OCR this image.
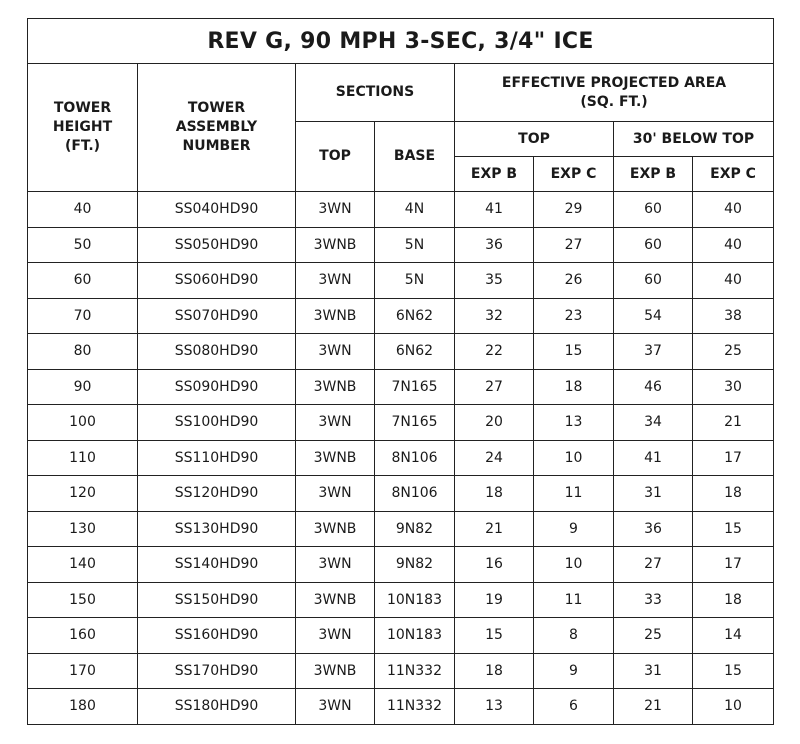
REV G, 90 MPH 3-SEC, 3/4" ICE							
TOWER
HEIGHT
(FT.)	TOWER
ASSEMBLY
NUMBER	SECTIONS		EFFECTIVE PROJECTED AREA
(SQ. FT.)			
		TOP	BASE	TOP		30' BELOW TOP	
				EXP B	EXP C	EXP B	EXP C
40	SS040HD90	3WN	4N	41	29	60	40
50	SS050HD90	3WNB	5N	36	27	60	40
60	SS060HD90	3WN	5N	35	26	60	40
70	SS070HD90	3WNB	6N62	32	23	54	38
80	SS080HD90	3WN	6N62	22	15	37	25
90	SS090HD90	3WNB	7N165	27	18	46	30
100	SS100HD90	3WN	7N165	20	13	34	21
110	SS110HD90	3WNB	8N106	24	10	41	17
120	SS120HD90	3WN	8N106	18	11	31	18
130	SS130HD90	3WNB	9N82	21	9	36	15
140	SS140HD90	3WN	9N82	16	10	27	17
150	SS150HD90	3WNB	10N183	19	11	33	18
160	SS160HD90	3WN	10N183	15	8	25	14
170	SS170HD90	3WNB	11N332	18	9	31	15
180	SS180HD90	3WN	11N332	13	6	21	10
